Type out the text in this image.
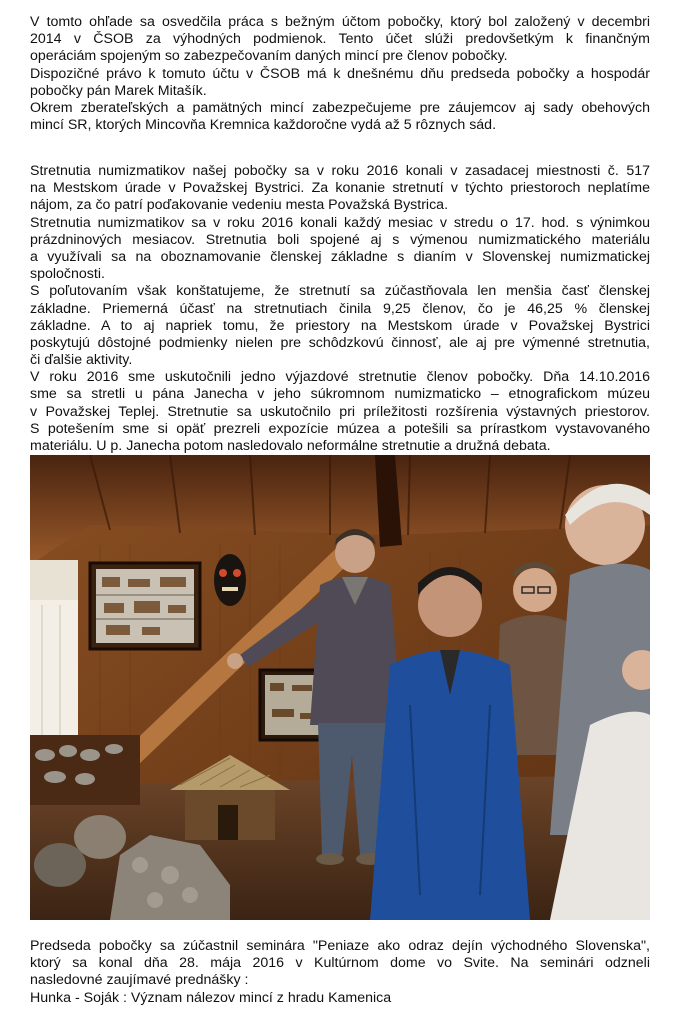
V tomto ohľade sa osvedčila práca s bežným účtom pobočky, ktorý bol založený v decembri
2014 v ČSOB za výhodných podmienok. Tento účet slúži predovšetkým k finančným
operáciám spojeným so zabezpečovaním daných mincí pre členov pobočky.
Dispozičné právo k tomuto účtu v ČSOB má k dnešnému dňu predseda pobočky a hospodár
pobočky pán Marek Mitašík.
Okrem zberateľských a pamätných mincí zabezpečujeme pre záujemcov aj sady obehových
mincí SR, ktorých Mincovňa Kremnica každoročne vydá až 5 rôznych sád.
Stretnutia numizmatikov našej pobočky sa v roku 2016 konali v zasadacej miestnosti č. 517
na Mestskom úrade v Považskej Bystrici. Za konanie stretnutí v týchto priestoroch neplatíme
nájom, za čo patrí poďakovanie vedeniu mesta Považská Bystrica.
Stretnutia numizmatikov sa v roku 2016 konali každý mesiac v stredu o 17. hod. s výnimkou
prázdninových mesiacov. Stretnutia boli spojené aj s výmenou numizmatického materiálu
a využívali sa na oboznamovanie členskej základne s dianím v Slovenskej numizmatickej
spoločnosti.
S poľutovaním však konštatujeme, že stretnutí sa zúčastňovala len menšia časť členskej
základne. Priemerná účasť na stretnutiach činila 9,25 členov, čo je 46,25 % členskej
základne. A to aj napriek tomu, že priestory na Mestskom úrade v Považskej Bystrici
poskytujú dôstojné podmienky nielen pre schôdzkovú činnosť, ale aj pre výmenné stretnutia,
či ďalšie aktivity.
V roku 2016 sme uskutočnili jedno výjazdové stretnutie členov pobočky. Dňa 14.10.2016
sme sa stretli u pána Janecha v jeho súkromnom numizmaticko – etnografickom múzeu
v Považskej Teplej. Stretnutie sa uskutočnilo pri príležitosti rozšírenia výstavných priestorov.
S potešením sme si opäť prezreli expozície múzea a potešili sa prírastkom vystavovaného
materiálu. U p. Janecha potom nasledovalo neformálne stretnutie a družná debata.
Predseda pobočky sa zúčastnil seminára "Peniaze ako odraz dejín východného Slovenska",
ktorý sa konal dňa 28. mája 2016 v Kultúrnom dome vo Svite. Na seminári odzneli
nasledovné zaujímavé prednášky :
Hunka - Soják : Význam nálezov mincí z hradu Kamenica
